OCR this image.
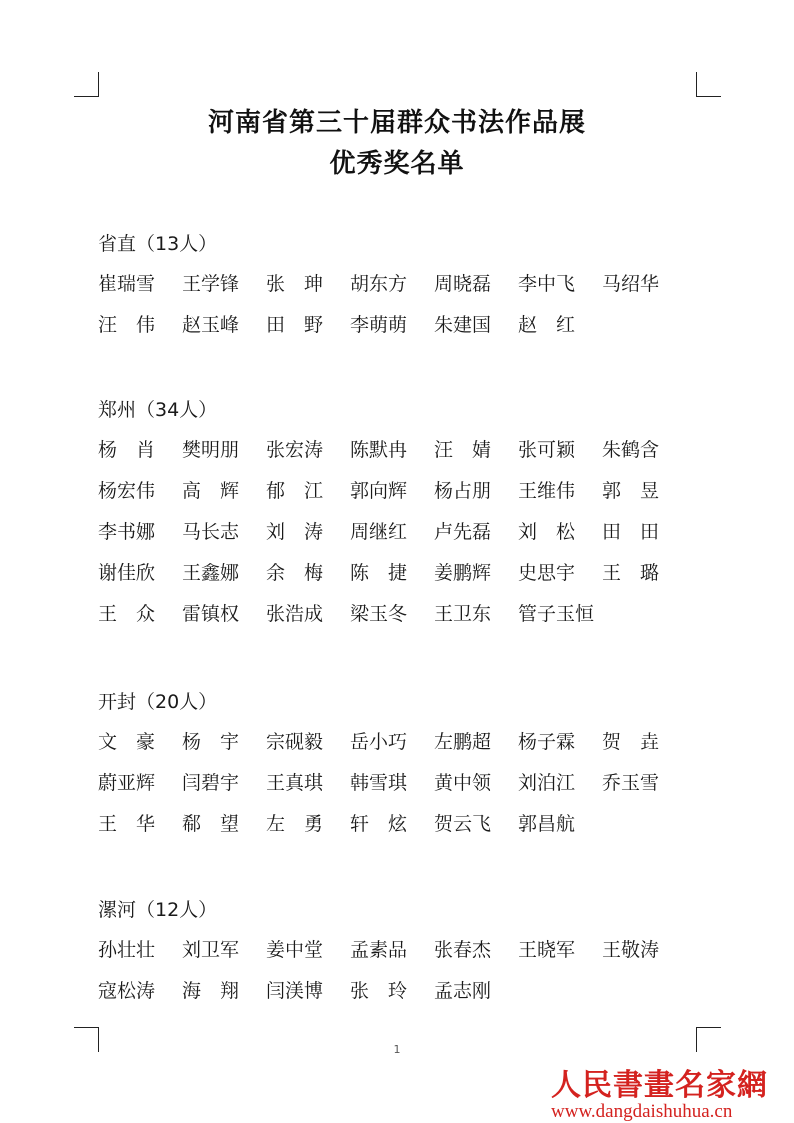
河南省第三十届群众书法作品展
优秀奖名单
省直（13人）
崔瑞雪	王学锋	张　珅	胡东方	周晓磊	李中飞	马绍华
汪　伟	赵玉峰	田　野	李萌萌	朱建国	赵　红
郑州（34人）
杨　肖	樊明朋	张宏涛	陈默冉	汪　婧	张可颖	朱鹤含
杨宏伟	高　辉	郁　江	郭向辉	杨占朋	王维伟	郭　昱
李书娜	马长志	刘　涛	周继红	卢先磊	刘　松	田　田
谢佳欣	王鑫娜	余　梅	陈　捷	姜鹏辉	史思宇	王　璐
王　众	雷镇权	张浩成	梁玉冬	王卫东	管子玉恒
开封（20人）
文　豪	杨　宇	宗砚毅	岳小巧	左鹏超	杨子霖	贺　垚
蔚亚辉	闫碧宇	王真琪	韩雪琪	黄中领	刘泊江	乔玉雪
王　华	郗　望	左　勇	轩　炫	贺云飞	郭昌航
漯河（12人）
孙壮壮	刘卫军	姜中堂	孟素品	张春杰	王晓军	王敬涛
寇松涛	海　翔	闫渼博	张　玲	孟志刚
1
人民書畫名家網
www.dangdaishuhua.cn
